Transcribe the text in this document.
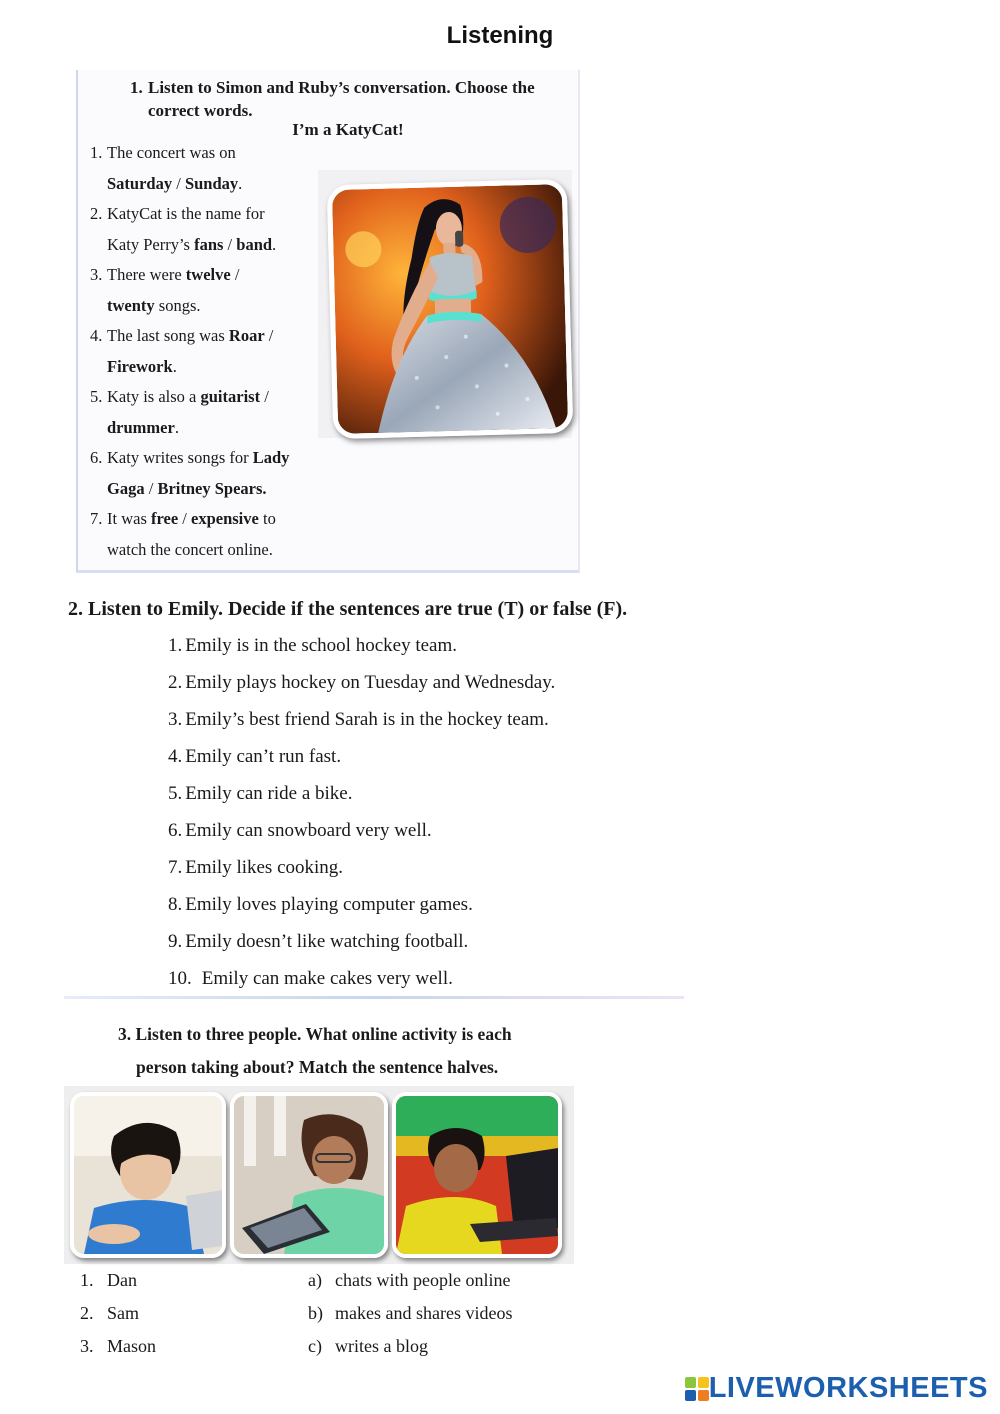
Listening
1. Listen to Simon and Ruby’s conversation. Choose the correct words.
I’m a KatyCat!
1. The concert was on
Saturday / Sunday.
2. KatyCat is the name for
Katy Perry’s fans / band.
3. There were twelve /
twenty songs.
4. The last song was Roar /
Firework.
5. Katy is also a guitarist /
drummer.
6. Katy writes songs for Lady
Gaga / Britney Spears.
7. It was free / expensive to
watch the concert online.
2. Listen to Emily. Decide if the sentences are true (T) or false (F).
3. Listen to three people. What online activity is each
person taking about? Match the sentence halves.
LIVEWORKSHEETS
1. Emily is in the school hockey team.
2. Emily plays hockey on Tuesday and Wednesday.
3. Emily’s best friend Sarah is in the hockey team.
4. Emily can’t run fast.
5. Emily can ride a bike.
6. Emily can snowboard very well.
7. Emily likes cooking.
8. Emily loves playing computer games.
9. Emily doesn’t like watching football.
10. Emily can make cakes very well.
1. Dan
2. Sam
3. Mason
a) chats with people online
b) makes and shares videos
c) writes a blog
